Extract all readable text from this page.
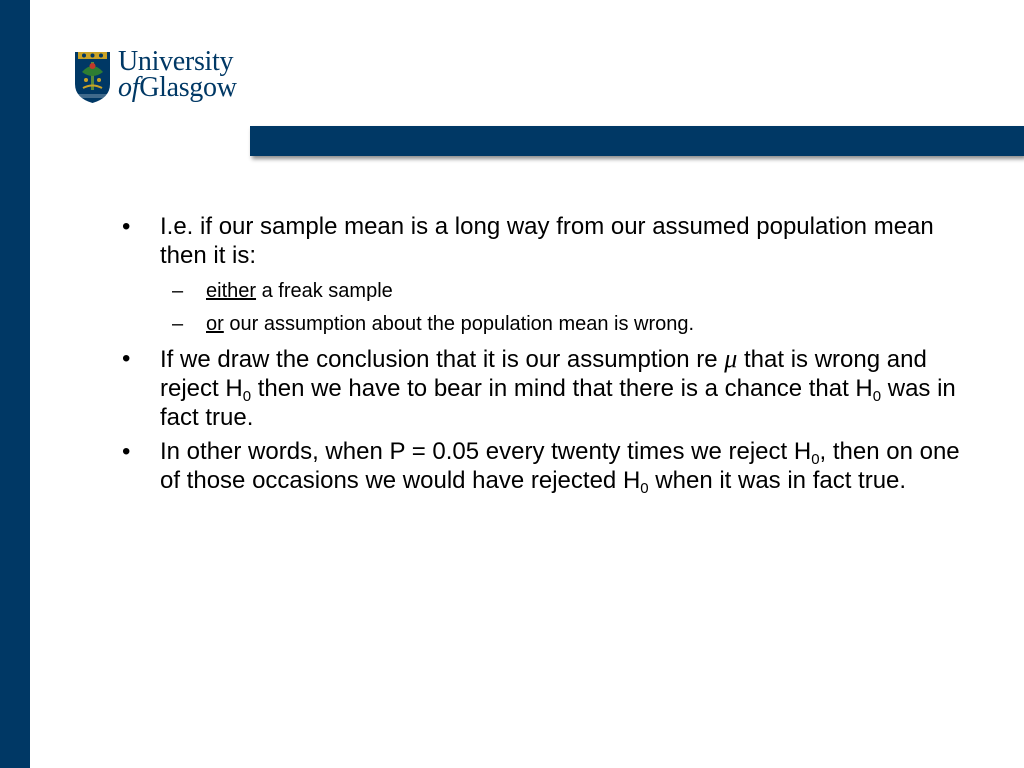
University
ofGlasgow
• I.e. if our sample mean is a long way from our assumed population mean then it is:
– either a freak sample
– or our assumption about the population mean is wrong.
• If we draw the conclusion that it is our assumption re μ that is wrong and reject $H_0$ then we have to bear in mind that there is a chance that $H_0$ was in fact true.
• In other words, when P = 0.05 every twenty times we reject $H_0$, then on one of those occasions we would have rejected $H_0$ when it was in fact true.
